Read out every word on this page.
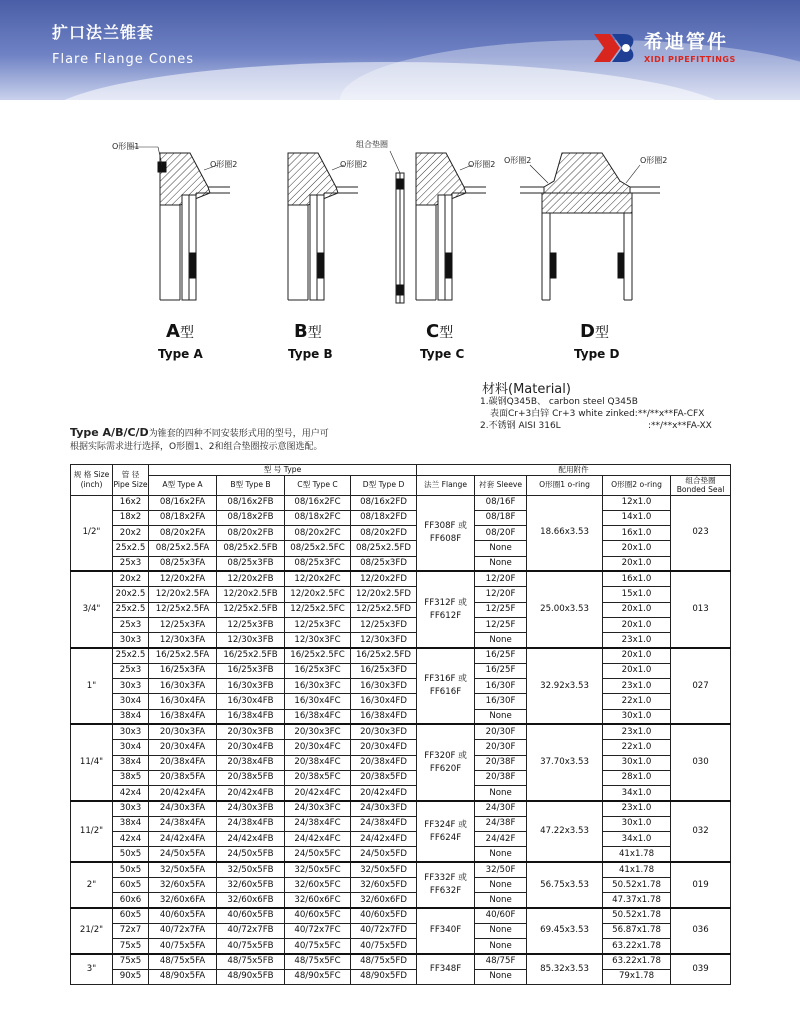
扩口法兰锥套
Flare Flange Cones
希迪管件
XIDI PIPEFITTINGS
O形圈1
O形圈2	O形圈2
组合垫圈
O形圈2 O形圈2	O形圈2
A型
Type A
B型
Type B
C型
Type C
D型
Type D
材料(Material)
1.碳钢Q345B、 carbon steel Q345B
表面Cr+3白锌 Cr+3 white zinked:**/**x**FA-CFX
2.不锈钢 AISI 316L	:**/**x**FA-XX
Type A/B/C/D为锥套的四种不同安装形式用的型号，用户可
根据实际需求进行选择，O形圈1、2和组合垫圈按示意图选配。
规 格 Size (inch)	管 径 Pipe Size	型 号 Type				配用附件				
		A型 Type A	B型 Type B	C型 Type C	D型 Type D	法兰 Flange	衬套 Sleeve	O形圈1 o-ring	O形圈2 o-ring	组合垫圈 Bonded Seal
1/2"	16x2	08/16x2FA	08/16x2FB	08/16x2FC	08/16x2FD	FF308F 或 FF608F	08/16F	18.66x3.53	12x1.0	023
	18x2	08/18x2FA	08/18x2FB	08/18x2FC	08/18x2FD		08/18F		14x1.0	
	20x2	08/20x2FA	08/20x2FB	08/20x2FC	08/20x2FD		08/20F		16x1.0	
	25x2.5	08/25x2.5FA	08/25x2.5FB	08/25x2.5FC	08/25x2.5FD		None		20x1.0	
	25x3	08/25x3FA	08/25x3FB	08/25x3FC	08/25x3FD		None		20x1.0	
3/4"	20x2	12/20x2FA	12/20x2FB	12/20x2FC	12/20x2FD	FF312F 或 FF612F	12/20F	25.00x3.53	16x1.0	013
	20x2.5	12/20x2.5FA	12/20x2.5FB	12/20x2.5FC	12/20x2.5FD		12/20F		15x1.0	
	25x2.5	12/25x2.5FA	12/25x2.5FB	12/25x2.5FC	12/25x2.5FD		12/25F		20x1.0	
	25x3	12/25x3FA	12/25x3FB	12/25x3FC	12/25x3FD		12/25F		20x1.0	
	30x3	12/30x3FA	12/30x3FB	12/30x3FC	12/30x3FD		None		23x1.0	
1"	25x2.5	16/25x2.5FA	16/25x2.5FB	16/25x2.5FC	16/25x2.5FD	FF316F 或 FF616F	16/25F	32.92x3.53	20x1.0	027
	25x3	16/25x3FA	16/25x3FB	16/25x3FC	16/25x3FD		16/25F		20x1.0	
	30x3	16/30x3FA	16/30x3FB	16/30x3FC	16/30x3FD		16/30F		23x1.0	
	30x4	16/30x4FA	16/30x4FB	16/30x4FC	16/30x4FD		16/30F		22x1.0	
	38x4	16/38x4FA	16/38x4FB	16/38x4FC	16/38x4FD		None		30x1.0	
11/4"	30x3	20/30x3FA	20/30x3FB	20/30x3FC	20/30x3FD	FF320F 或 FF620F	20/30F	37.70x3.53	23x1.0	030
	30x4	20/30x4FA	20/30x4FB	20/30x4FC	20/30x4FD		20/30F		22x1.0	
	38x4	20/38x4FA	20/38x4FB	20/38x4FC	20/38x4FD		20/38F		30x1.0	
	38x5	20/38x5FA	20/38x5FB	20/38x5FC	20/38x5FD		20/38F		28x1.0	
	42x4	20/42x4FA	20/42x4FB	20/42x4FC	20/42x4FD		None		34x1.0	
11/2"	30x3	24/30x3FA	24/30x3FB	24/30x3FC	24/30x3FD	FF324F 或 FF624F	24/30F	47.22x3.53	23x1.0	032
	38x4	24/38x4FA	24/38x4FB	24/38x4FC	24/38x4FD		24/38F		30x1.0	
	42x4	24/42x4FA	24/42x4FB	24/42x4FC	24/42x4FD		24/42F		34x1.0	
	50x5	24/50x5FA	24/50x5FB	24/50x5FC	24/50x5FD		None		41x1.78	
2"	50x5	32/50x5FA	32/50x5FB	32/50x5FC	32/50x5FD	FF332F 或 FF632F	32/50F	56.75x3.53	41x1.78	019
	60x5	32/60x5FA	32/60x5FB	32/60x5FC	32/60x5FD		None		50.52x1.78	
	60x6	32/60x6FA	32/60x6FB	32/60x6FC	32/60x6FD		None		47.37x1.78	
21/2"	60x5	40/60x5FA	40/60x5FB	40/60x5FC	40/60x5FD	FF340F	40/60F	69.45x3.53	50.52x1.78	036
	72x7	40/72x7FA	40/72x7FB	40/72x7FC	40/72x7FD		None		56.87x1.78	
	75x5	40/75x5FA	40/75x5FB	40/75x5FC	40/75x5FD		None		63.22x1.78	
3"	75x5	48/75x5FA	48/75x5FB	48/75x5FC	48/75x5FD	FF348F	48/75F	85.32x3.53	63.22x1.78	039
	90x5	48/90x5FA	48/90x5FB	48/90x5FC	48/90x5FD		None		79x1.78	
